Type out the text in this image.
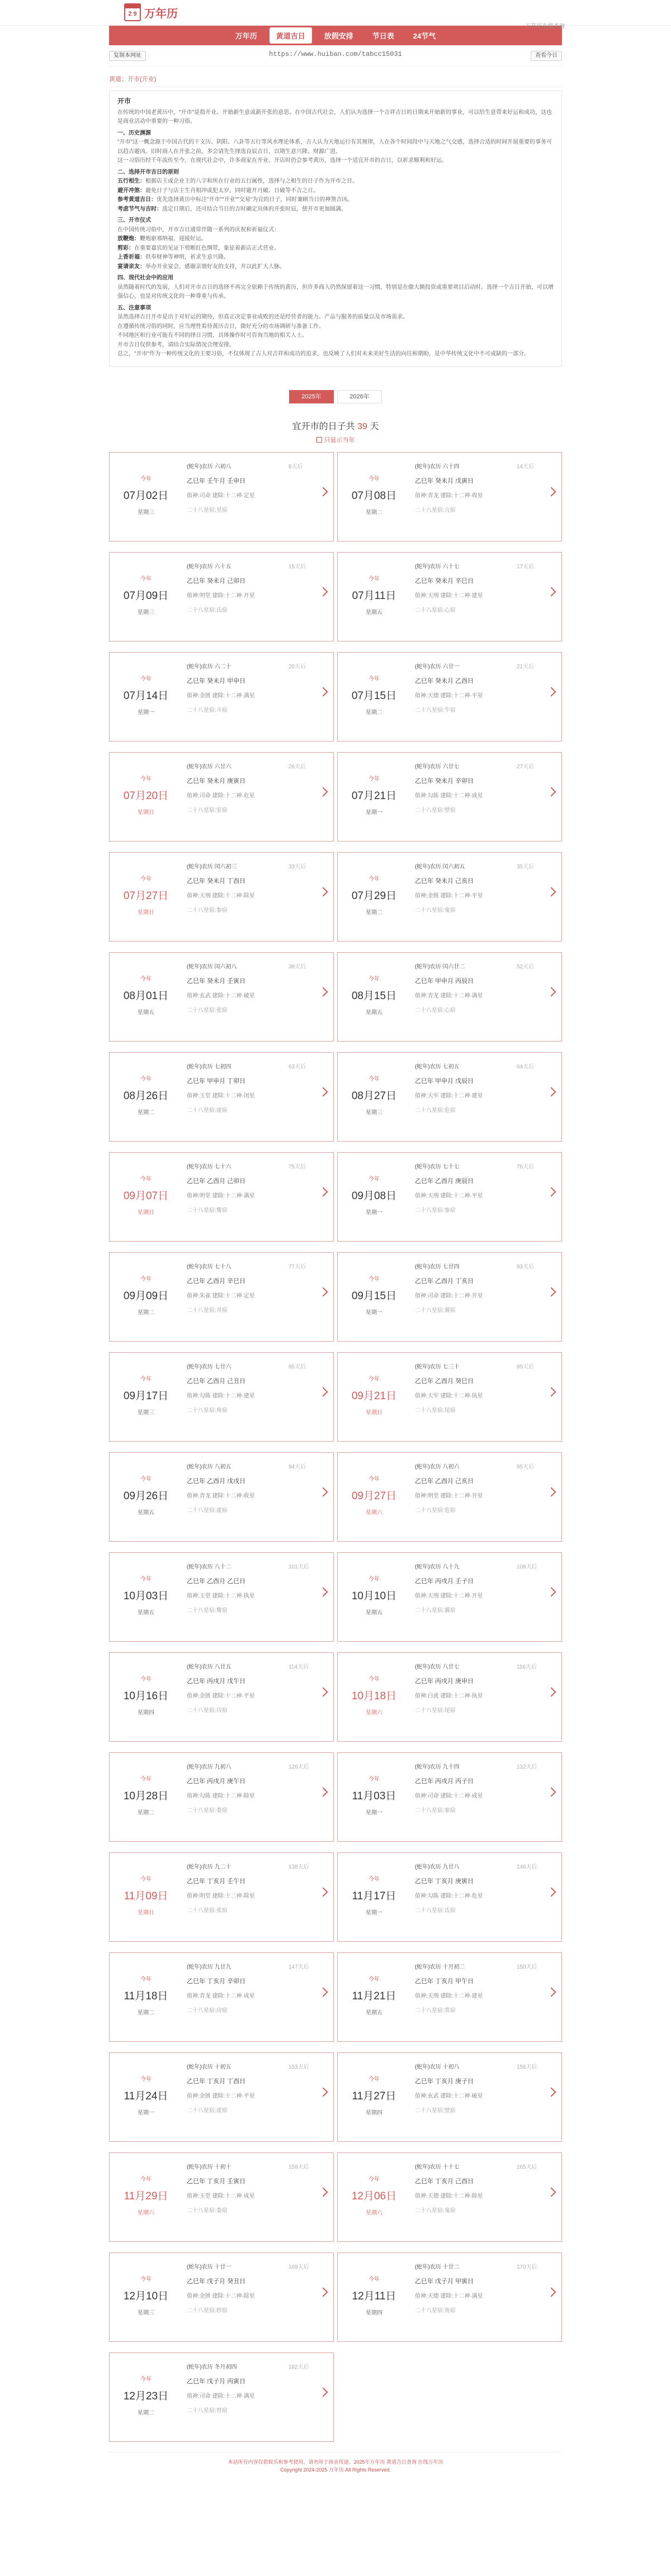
2 9 万年历
万年历在线查询
万年历	黄道吉日	放假安排	节日表	24节气
复制本网址	https://www.huiban.com/tabcc15031	查看今日
黄道：开市(开业)
开市

在传统的中国老黄历中，"开市"是指开业、开始新生意或新开张的意思。在中国古代社会，人们认为选择一个吉祥吉日的日期来开始新的事业，可以给生意带来好运和成功，这也是商业活动中重要的一种习俗。

一、历史渊源

"开市"这一概念源于中国古代的干支历、阴阳、八卦等五行等风水理论体系，古人认为天地运行有其规律，人在各个时间段中与天地之气交感，选择合适的时间开展重要的事务可以趋吉避凶。旧时商人在开张之前，多会请先生择选良辰吉日，以期生意兴隆、财源广进。

这一习俗历经千年流传至今，在现代社会中，许多商家在开业、开店时仍会参考黄历，选择一个适宜开市的吉日，以祈求顺利和好运。

二、选择开市吉日的原则

五行相生：根据店主或企业主的八字和所在行业的五行属性，选择与之相生的日子作为开市之日。

避开冲煞：避免日子与店主生肖相冲或犯太岁，同时避开月破、日破等不吉之日。

参考黄道吉日：优先选择黄历中标注"开市""开业""交易"为宜的日子，同时兼顾当日的神煞吉凶。

考虑节气与吉时：选定日期后，还可结合当日的吉时确定具体的开张时辰，使开市更加圆满。

三、开市仪式

在中国传统习俗中，开市吉日通常伴随一系列的庆祝和祈福仪式：

放鞭炮：鞭炮驱邪纳福，迎接好运。

剪彩：在重要嘉宾的见证下剪断红色绸带，象征着新店正式营业。

上香祈福：供奉财神等神明，祈求生意兴隆。

宴请亲友：举办开业宴会，感谢亲朋好友的支持，并以此扩大人脉。

四、现代社会中的应用

虽然随着时代的发展，人们对开市吉日的选择不再完全依赖于传统的黄历，但许多商人仍然保留着这一习惯，特别是在做大额投资或重要项目启动时。选择一个吉日开始，可以增强信心，也是对传统文化的一种尊重与传承。

五、注意事项

虽然选择吉日开市是出于对好运的期待，但真正决定事业成败的还是经营者的能力、产品与服务的质量以及市场需求。

在遵循传统习俗的同时，应当理性看待黄历吉日，做好充分的市场调研与准备工作。

不同地区和行业可能有不同的择日习惯，具体操作时可咨询当地的相关人士。

开市吉日仅供参考，请结合实际情况合理安排。

总之，"开市"作为一种传统文化的主要习俗，不仅体现了古人对吉祥和成功的追求，也反映了人们对未来美好生活的向往和期盼，是中华传统文化中不可或缺的一部分。

2025年	2026年
宜开市的日子共 39 天
只显示当年
今年
07月02日
星期三
(蛇年)农历 六初八
乙巳年 壬午月 壬申日
值神:司命 建除:十二神·定星
二十八星宿:星宿
8天后
今年
07月08日
星期二
(蛇年)农历 六十四
乙巳年 癸未月 戊寅日
值神:青龙 建除:十二神·收星
二十八星宿:亢宿
14天后
今年
07月09日
星期三
(蛇年)农历 六十五
乙巳年 癸未月 己卯日
值神:明堂 建除:十二神·开星
二十八星宿:氐宿
15天后
今年
07月11日
星期五
(蛇年)农历 六十七
乙巳年 癸未月 辛巳日
值神:天刑 建除:十二神·建星
二十八星宿:心宿
17天后
今年
07月14日
星期一
(蛇年)农历 六二十
乙巳年 癸未月 甲申日
值神:金匮 建除:十二神·满星
二十八星宿:斗宿
20天后
今年
07月15日
星期二
(蛇年)农历 六廿一
乙巳年 癸未月 乙酉日
值神:天德 建除:十二神·平星
二十八星宿:牛宿
21天后
今年
07月20日
星期日
(蛇年)农历 六廿六
乙巳年 癸未月 庚寅日
值神:司命 建除:十二神·危星
二十八星宿:室宿
26天后
今年
07月21日
星期一
(蛇年)农历 六廿七
乙巳年 癸未月 辛卯日
值神:勾陈 建除:十二神·成星
二十八星宿:壁宿
27天后
今年
07月27日
星期日
(蛇年)农历 闰六初三
乙巳年 癸未月 丁酉日
值神:天刑 建除:十二神·除星
二十八星宿:参宿
33天后
今年
07月29日
星期二
(蛇年)农历 闰六初五
乙巳年 癸未月 己亥日
值神:金匮 建除:十二神·平星
二十八星宿:鬼宿
35天后
今年
08月01日
星期五
(蛇年)农历 闰六初八
乙巳年 癸未月 壬寅日
值神:玄武 建除:十二神·破星
二十八星宿:张宿
38天后
今年
08月15日
星期五
(蛇年)农历 闰六廿二
乙巳年 甲申月 丙辰日
值神:青龙 建除:十二神·满星
二十八星宿:心宿
52天后
今年
08月26日
星期二
(蛇年)农历 七初四
乙巳年 甲申月 丁卯日
值神:玉堂 建除:十二神·闭星
二十八星宿:虚宿
63天后
今年
08月27日
星期三
(蛇年)农历 七初五
乙巳年 甲申月 戊辰日
值神:天牢 建除:十二神·建星
二十八星宿:危宿
64天后
今年
09月07日
星期日
(蛇年)农历 七十六
乙巳年 乙酉月 己卯日
值神:明堂 建除:十二神·满星
二十八星宿:觜宿
75天后
今年
09月08日
星期一
(蛇年)农历 七十七
乙巳年 乙酉月 庚辰日
值神:天刑 建除:十二神·平星
二十八星宿:参宿
76天后
今年
09月09日
星期二
(蛇年)农历 七十八
乙巳年 乙酉月 辛巳日
值神:朱雀 建除:十二神·定星
二十八星宿:井宿
77天后
今年
09月15日
星期一
(蛇年)农历 七廿四
乙巳年 乙酉月 丁亥日
值神:司命 建除:十二神·开星
二十八星宿:翼宿
83天后
今年
09月17日
星期三
(蛇年)农历 七廿六
乙巳年 乙酉月 己丑日
值神:勾陈 建除:十二神·建星
二十八星宿:角宿
85天后
今年
09月21日
星期日
(蛇年)农历 七三十
乙巳年 乙酉月 癸巳日
值神:天牢 建除:十二神·执星
二十八星宿:尾宿
89天后
今年
09月26日
星期五
(蛇年)农历 八初五
乙巳年 乙酉月 戊戌日
值神:青龙 建除:十二神·收星
二十八星宿:虚宿
94天后
今年
09月27日
星期六
(蛇年)农历 八初六
乙巳年 乙酉月 己亥日
值神:明堂 建除:十二神·开星
二十八星宿:危宿
95天后
今年
10月03日
星期五
(蛇年)农历 八十二
乙巳年 乙酉月 乙巳日
值神:玉堂 建除:十二神·执星
二十八星宿:觜宿
101天后
今年
10月10日
星期五
(蛇年)农历 八十九
乙巳年 丙戌月 壬子日
值神:天刑 建除:十二神·开星
二十八星宿:翼宿
108天后
今年
10月16日
星期四
(蛇年)农历 八廿五
乙巳年 丙戌月 戊午日
值神:金匮 建除:十二神·平星
二十八星宿:房宿
114天后
今年
10月18日
星期六
(蛇年)农历 八廿七
乙巳年 丙戌月 庚申日
值神:白虎 建除:十二神·执星
二十八星宿:尾宿
116天后
今年
10月28日
星期二
(蛇年)农历 九初八
乙巳年 丙戌月 庚午日
值神:勾陈 建除:十二神·除星
二十八星宿:娄宿
126天后
今年
11月03日
星期一
(蛇年)农历 九十四
乙巳年 丙戌月 丙子日
值神:司命 建除:十二神·成星
二十八星宿:参宿
132天后
今年
11月09日
星期日
(蛇年)农历 九二十
乙巳年 丁亥月 壬午日
值神:明堂 建除:十二神·除星
二十八星宿:张宿
138天后
今年
11月17日
星期一
(蛇年)农历 九廿八
乙巳年 丁亥月 庚寅日
值神:勾陈 建除:十二神·危星
二十八星宿:氐宿
146天后
今年
11月18日
星期二
(蛇年)农历 九廿九
乙巳年 丁亥月 辛卯日
值神:青龙 建除:十二神·成星
二十八星宿:房宿
147天后
今年
11月21日
星期五
(蛇年)农历 十月初二
乙巳年 丁亥月 甲午日
值神:天刑 建除:十二神·建星
二十八星宿:箕宿
150天后
今年
11月24日
星期一
(蛇年)农历 十初五
乙巳年 丁亥月 丁酉日
值神:金匮 建除:十二神·平星
二十八星宿:虚宿
153天后
今年
11月27日
星期四
(蛇年)农历 十初八
乙巳年 丁亥月 庚子日
值神:玄武 建除:十二神·破星
二十八星宿:壁宿
156天后
今年
11月29日
星期六
(蛇年)农历 十初十
乙巳年 丁亥月 壬寅日
值神:玉堂 建除:十二神·成星
二十八星宿:娄宿
158天后
今年
12月06日
星期六
(蛇年)农历 十十七
乙巳年 丁亥月 己酉日
值神:天德 建除:十二神·除星
二十八星宿:鬼宿
165天后
今年
12月10日
星期三
(蛇年)农历 十廿一
乙巳年 戊子月 癸丑日
值神:金匮 建除:十二神·除星
二十八星宿:轸宿
169天后
今年
12月11日
星期四
(蛇年)农历 十廿二
乙巳年 戊子月 甲寅日
值神:天德 建除:十二神·满星
二十八星宿:角宿
170天后
今年
12月23日
星期二
(蛇年)农历 冬月初四
乙巳年 戊子月 丙寅日
值神:司命 建除:十二神·满星
二十八星宿:胃宿
182天后
本站所有内容仅供娱乐和参考使用，请勿用于商业用途。2025年万年历 黄道吉日查询 在线万年历
Copyright 2024-2025 万年历 All Rights Reserved.
